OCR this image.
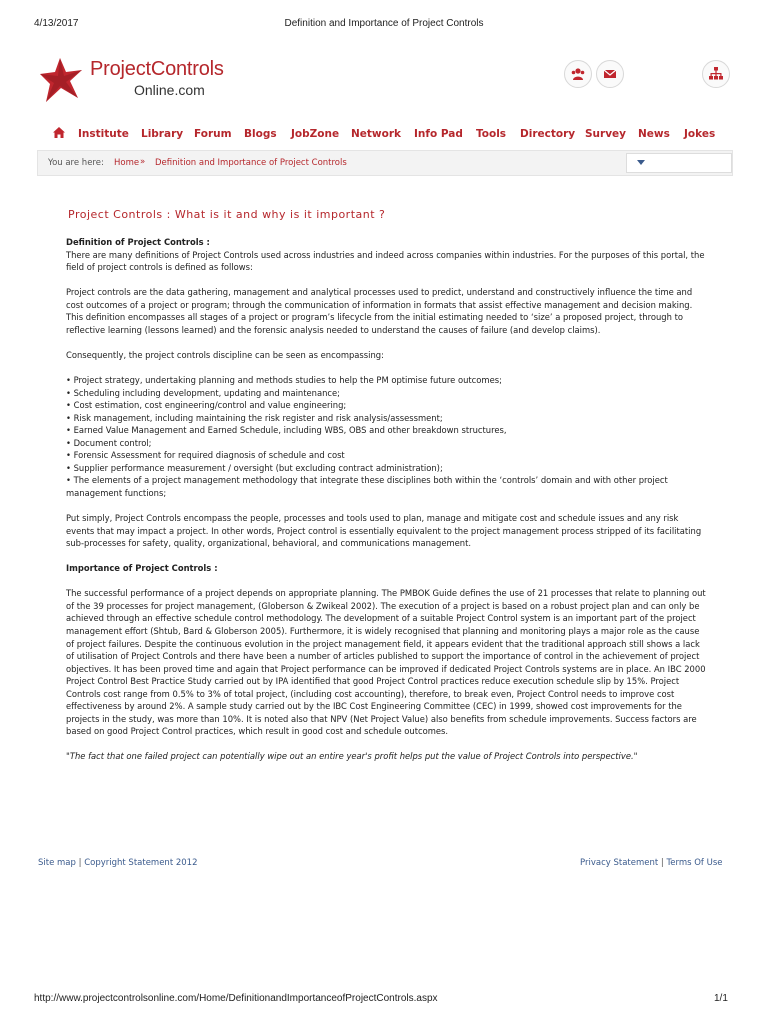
4/13/2017	Definition and Importance of Project Controls
ProjectControls
Online.com
Institute Library Forum Blogs JobZone Network Info Pad Tools Directory Survey News Jokes
You are here: Home » Definition and Importance of Project Controls
Project Controls : What is it and why is it important ?
Definition of Project Controls :

There are many definitions of Project Controls used across industries and indeed across companies within industries. For the purposes of this portal, the field of project controls is defined as follows:

Project controls are the data gathering, management and analytical processes used to predict, understand and constructively influence the time and cost outcomes of a project or program; through the communication of information in formats that assist effective management and decision making. This definition encompasses all stages of a project or program’s lifecycle from the initial estimating needed to ‘size’ a proposed project, through to reflective learning (lessons learned) and the forensic analysis needed to understand the causes of failure (and develop claims).

Consequently, the project controls discipline can be seen as encompassing:

• Project strategy, undertaking planning and methods studies to help the PM optimise future outcomes;
• Scheduling including development, updating and maintenance;
• Cost estimation, cost engineering/control and value engineering;
• Risk management, including maintaining the risk register and risk analysis/assessment;
• Earned Value Management and Earned Schedule, including WBS, OBS and other breakdown structures,
• Document control;
• Forensic Assessment for required diagnosis of schedule and cost
• Supplier performance measurement / oversight (but excluding contract administration);
• The elements of a project management methodology that integrate these disciplines both within the ‘controls’ domain and with other project management functions;

Put simply, Project Controls encompass the people, processes and tools used to plan, manage and mitigate cost and schedule issues and any risk events that may impact a project. In other words, Project control is essentially equivalent to the project management process stripped of its facilitating sub-processes for safety, quality, organizational, behavioral, and communications management.

Importance of Project Controls :

The successful performance of a project depends on appropriate planning. The PMBOK Guide defines the use of 21 processes that relate to planning out of the 39 processes for project management, (Globerson & Zwikeal 2002). The execution of a project is based on a robust project plan and can only be achieved through an effective schedule control methodology. The development of a suitable Project Control system is an important part of the project management effort (Shtub, Bard & Globerson 2005). Furthermore, it is widely recognised that planning and monitoring plays a major role as the cause of project failures. Despite the continuous evolution in the project management field, it appears evident that the traditional approach still shows a lack of utilisation of Project Controls and there have been a number of articles published to support the importance of control in the achievement of project objectives. It has been proved time and again that Project performance can be improved if dedicated Project Controls systems are in place. An IBC 2000 Project Control Best Practice Study carried out by IPA identified that good Project Control practices reduce execution schedule slip by 15%. Project Controls cost range from 0.5% to 3% of total project, (including cost accounting), therefore, to break even, Project Control needs to improve cost effectiveness by around 2%. A sample study carried out by the IBC Cost Engineering Committee (CEC) in 1999, showed cost improvements for the projects in the study, was more than 10%. It is noted also that NPV (Net Project Value) also benefits from schedule improvements. Success factors are based on good Project Control practices, which result in good cost and schedule outcomes.

"The fact that one failed project can potentially wipe out an entire year's profit helps put the value of Project Controls into perspective."

Site map | Copyright Statement 2012	Privacy Statement | Terms Of Use
http://www.projectcontrolsonline.com/Home/DefinitionandImportanceofProjectControls.aspx	1/1
